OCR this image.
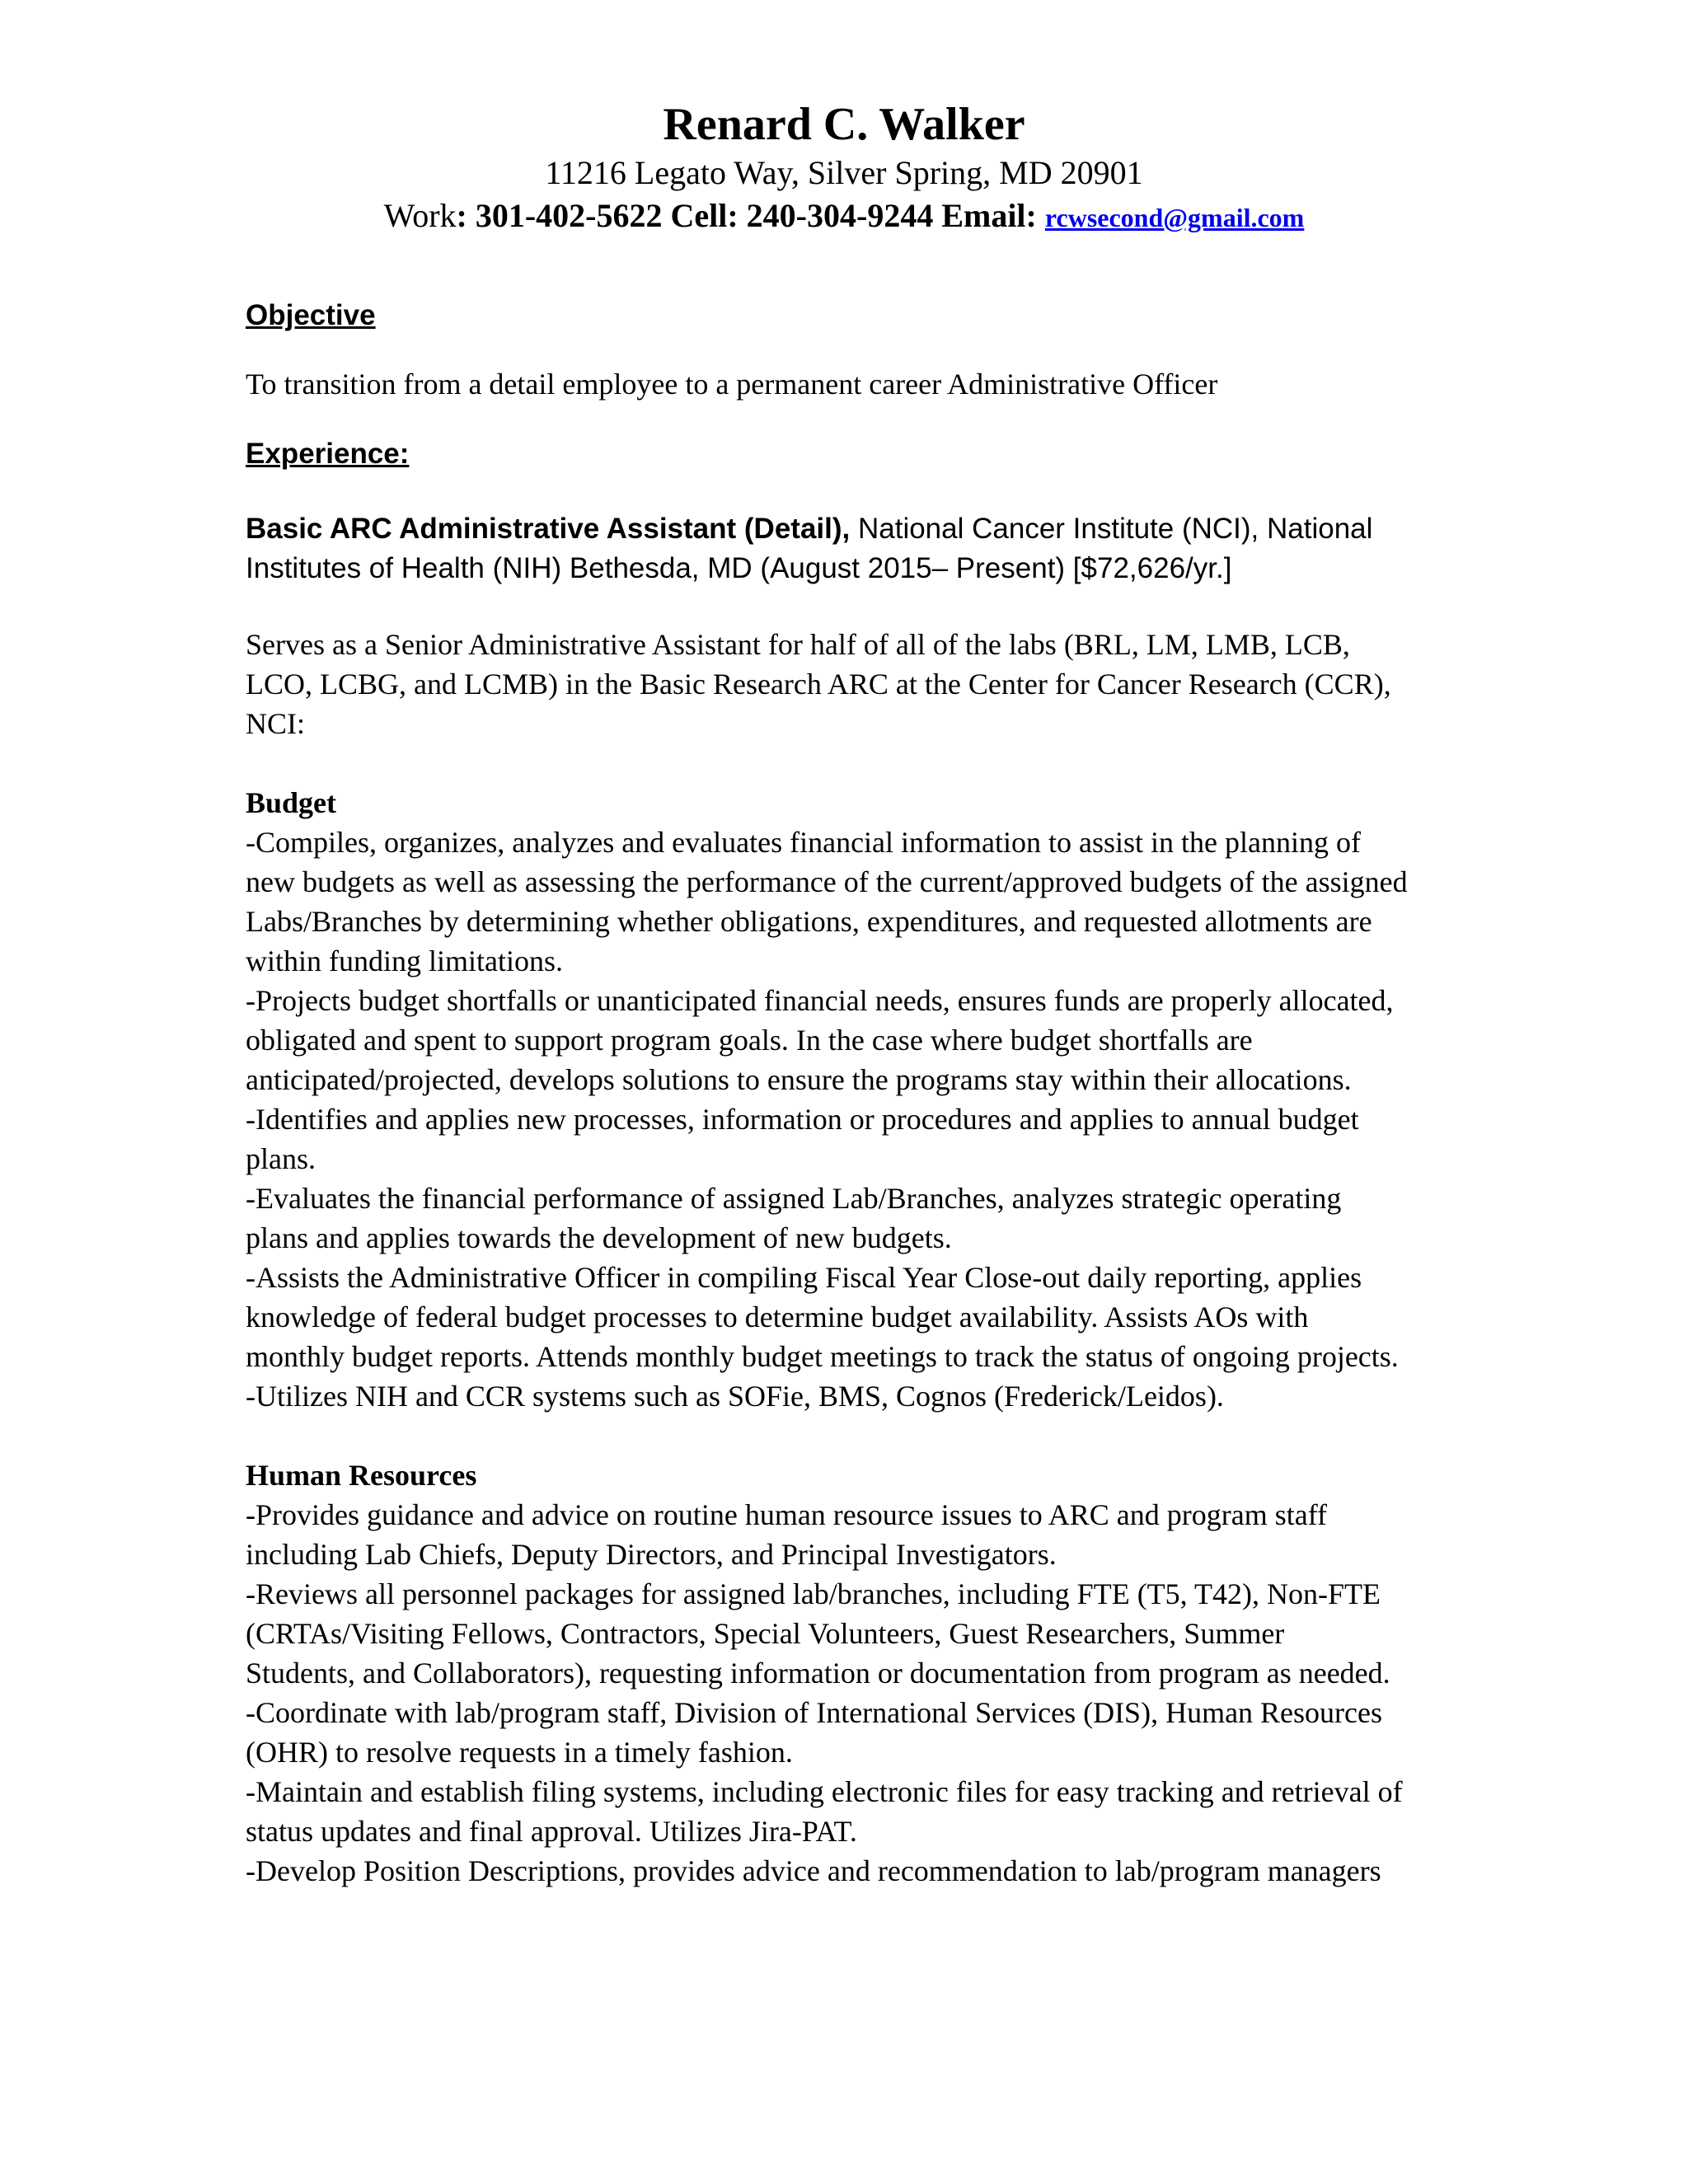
Renard C. Walker
11216 Legato Way, Silver Spring, MD 20901
Work: 301-402-5622 Cell: 240-304-9244 Email: rcwsecond@gmail.com
Objective

To transition from a detail employee to a permanent career Administrative Officer

Experience:
Basic ARC Administrative Assistant (Detail), National Cancer Institute (NCI), National
Institutes of Health (NIH) Bethesda, MD (August 2015– Present) [$72,626/yr.]
Serves as a Senior Administrative Assistant for half of all of the labs (BRL, LM, LMB, LCB,
LCO, LCBG, and LCMB) in the Basic Research ARC at the Center for Cancer Research (CCR),
NCI:
Budget
-Compiles, organizes, analyzes and evaluates financial information to assist in the planning of
new budgets as well as assessing the performance of the current/approved budgets of the assigned
Labs/Branches by determining whether obligations, expenditures, and requested allotments are
within funding limitations.
-Projects budget shortfalls or unanticipated financial needs, ensures funds are properly allocated,
obligated and spent to support program goals. In the case where budget shortfalls are
anticipated/projected, develops solutions to ensure the programs stay within their allocations.
-Identifies and applies new processes, information or procedures and applies to annual budget
plans.
-Evaluates the financial performance of assigned Lab/Branches, analyzes strategic operating
plans and applies towards the development of new budgets.
-Assists the Administrative Officer in compiling Fiscal Year Close-out daily reporting, applies
knowledge of federal budget processes to determine budget availability. Assists AOs with
monthly budget reports. Attends monthly budget meetings to track the status of ongoing projects.
-Utilizes NIH and CCR systems such as SOFie, BMS, Cognos (Frederick/Leidos).
Human Resources
-Provides guidance and advice on routine human resource issues to ARC and program staff
including Lab Chiefs, Deputy Directors, and Principal Investigators.
-Reviews all personnel packages for assigned lab/branches, including FTE (T5, T42), Non-FTE
(CRTAs/Visiting Fellows, Contractors, Special Volunteers, Guest Researchers, Summer
Students, and Collaborators), requesting information or documentation from program as needed.
-Coordinate with lab/program staff, Division of International Services (DIS), Human Resources
(OHR) to resolve requests in a timely fashion.
-Maintain and establish filing systems, including electronic files for easy tracking and retrieval of
status updates and final approval. Utilizes Jira-PAT.
-Develop Position Descriptions, provides advice and recommendation to lab/program managers
